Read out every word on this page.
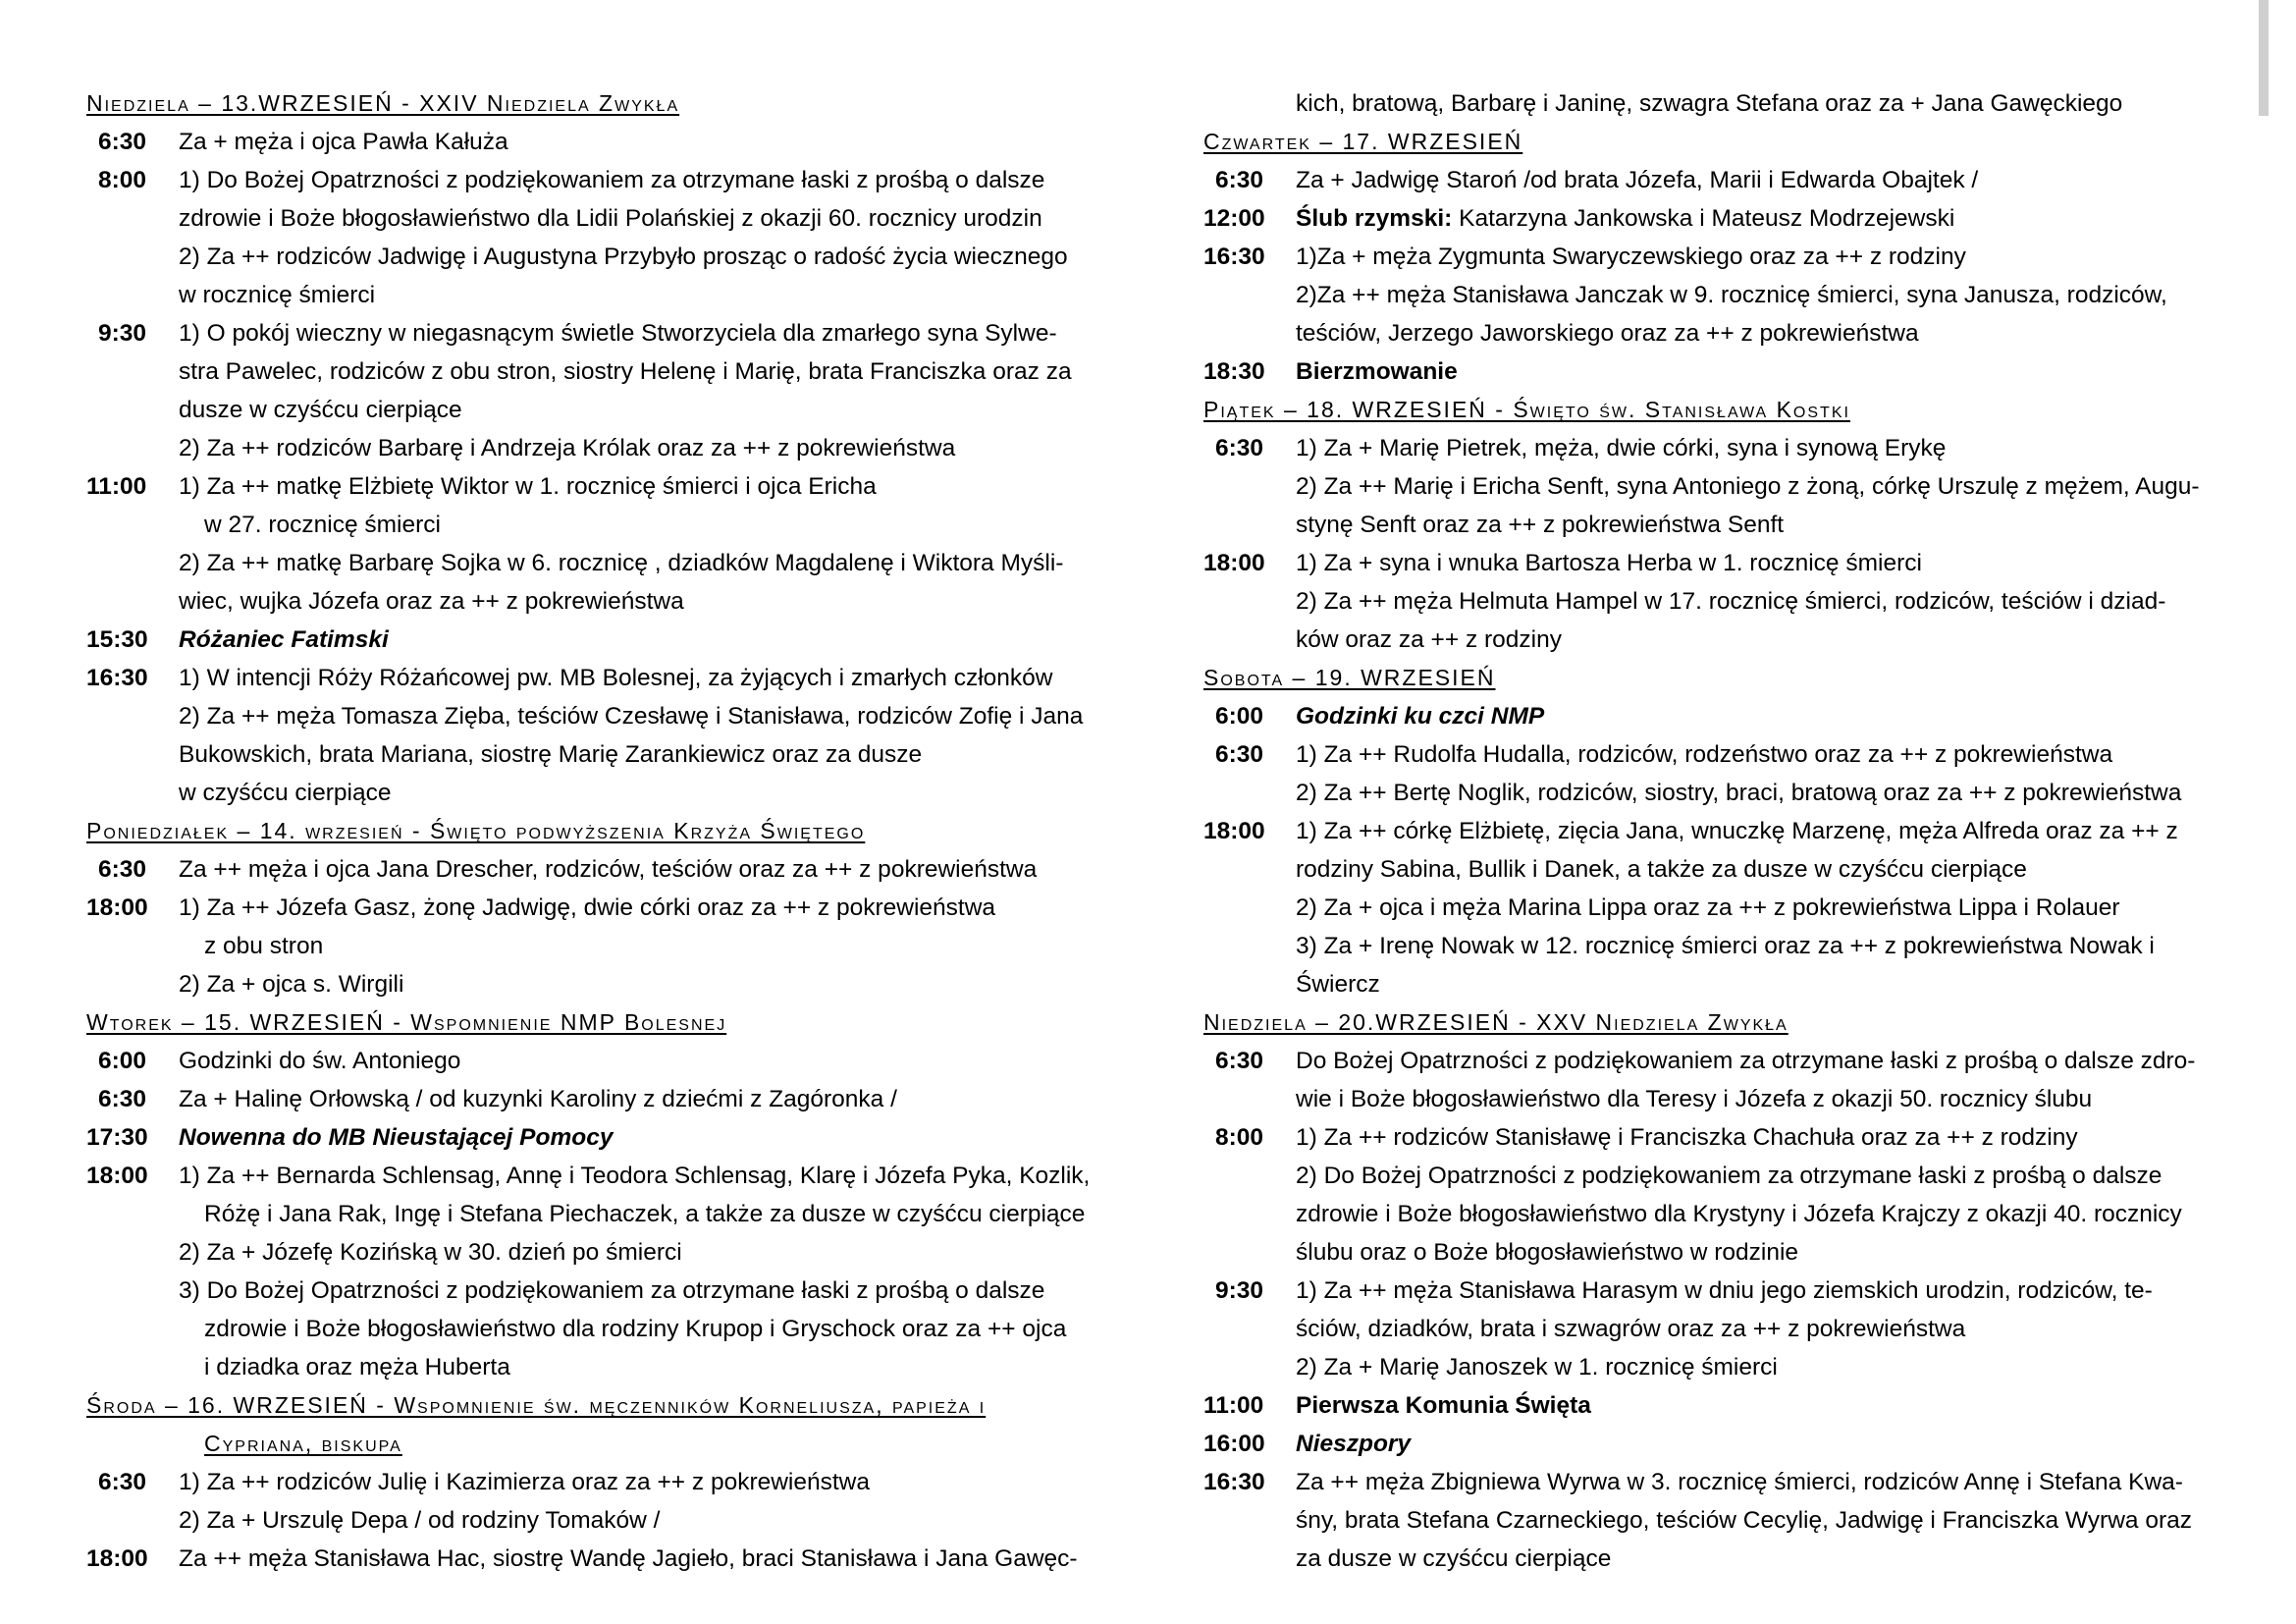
Niedziela – 13.WRZESIEŃ - XXIV Niedziela Zwykła
6:30 Za + męża i ojca Pawła Kałuża
8:00 1) Do Bożej Opatrzności z podziękowaniem za otrzymane łaski z prośbą o dalsze
zdrowie i Boże błogosławieństwo dla Lidii Polańskiej z okazji 60. rocznicy urodzin
2) Za ++ rodziców Jadwigę i Augustyna Przybyło prosząc o radość życia wiecznego
w rocznicę śmierci
9:30 1) O pokój wieczny w niegasnącym świetle Stworzyciela dla zmarłego syna Sylwe-
stra Pawelec, rodziców z obu stron, siostry Helenę i Marię, brata Franciszka oraz za
dusze w czyśćcu cierpiące
2) Za ++ rodziców Barbarę i Andrzeja Królak oraz za ++ z pokrewieństwa
11:00 1) Za ++ matkę Elżbietę Wiktor w 1. rocznicę śmierci i ojca Ericha
w 27. rocznicę śmierci
2) Za ++ matkę Barbarę Sojka w 6. rocznicę , dziadków Magdalenę i Wiktora Myśli-
wiec, wujka Józefa oraz za ++ z pokrewieństwa
15:30 Różaniec Fatimski
16:30 1) W intencji Róży Różańcowej pw. MB Bolesnej, za żyjących i zmarłych członków
2) Za ++ męża Tomasza Zięba, teściów Czesławę i Stanisława, rodziców Zofię i Jana
Bukowskich, brata Mariana, siostrę Marię Zarankiewicz oraz za dusze
w czyśćcu cierpiące
Poniedziałek – 14. wrzesień - Święto podwyższenia Krzyża Świętego
6:30 Za ++ męża i ojca Jana Drescher, rodziców, teściów oraz za ++ z pokrewieństwa
18:00 1) Za ++ Józefa Gasz, żonę Jadwigę, dwie córki oraz za ++ z pokrewieństwa
z obu stron
2) Za + ojca s. Wirgili
Wtorek – 15. WRZESIEŃ - Wspomnienie NMP Bolesnej
6:00 Godzinki do św. Antoniego
6:30 Za + Halinę Orłowską / od kuzynki Karoliny z dziećmi z Zagóronka /
17:30 Nowenna do MB Nieustającej Pomocy
18:00 1) Za ++ Bernarda Schlensag, Annę i Teodora Schlensag, Klarę i Józefa Pyka, Kozlik,
Różę i Jana Rak, Ingę i Stefana Piechaczek, a także za dusze w czyśćcu cierpiące
2) Za + Józefę Kozińską w 30. dzień po śmierci
3) Do Bożej Opatrzności z podziękowaniem za otrzymane łaski z prośbą o dalsze
zdrowie i Boże błogosławieństwo dla rodziny Krupop i Gryschock oraz za ++ ojca
i dziadka oraz męża Huberta
Środa – 16. WRZESIEŃ - Wspomnienie św. męczenników Korneliusza, papieża i
Cypriana, biskupa
6:30 1) Za ++ rodziców Julię i Kazimierza oraz za ++ z pokrewieństwa
2) Za + Urszulę Depa / od rodziny Tomaków /
18:00 Za ++ męża Stanisława Hac, siostrę Wandę Jagieło, braci Stanisława i Jana Gawęc-
kich, bratową, Barbarę i Janinę, szwagra Stefana oraz za + Jana Gawęckiego
Czwartek – 17. WRZESIEŃ
6:30 Za + Jadwigę Staroń /od brata Józefa, Marii i Edwarda Obajtek /
12:00 Ślub rzymski: Katarzyna Jankowska i Mateusz Modrzejewski
16:30 1)Za + męża Zygmunta Swaryczewskiego oraz za ++ z rodziny
2)Za ++ męża Stanisława Janczak w 9. rocznicę śmierci, syna Janusza, rodziców,
teściów, Jerzego Jaworskiego oraz za ++ z pokrewieństwa
18:30 Bierzmowanie
Piątek – 18. WRZESIEŃ - Święto św. Stanisława Kostki
6:30 1) Za + Marię Pietrek, męża, dwie córki, syna i synową Erykę
2) Za ++ Marię i Ericha Senft, syna Antoniego z żoną, córkę Urszulę z mężem, Augu-
stynę Senft oraz za ++ z pokrewieństwa Senft
18:00 1) Za + syna i wnuka Bartosza Herba w 1. rocznicę śmierci
2) Za ++ męża Helmuta Hampel w 17. rocznicę śmierci, rodziców, teściów i dziad-
ków oraz za ++ z rodziny
Sobota – 19. WRZESIEŃ
6:00 Godzinki ku czci NMP
6:30 1) Za ++ Rudolfa Hudalla, rodziców, rodzeństwo oraz za ++ z pokrewieństwa
2) Za ++ Bertę Noglik, rodziców, siostry, braci, bratową oraz za ++ z pokrewieństwa
18:00 1) Za ++ córkę Elżbietę, zięcia Jana, wnuczkę Marzenę, męża Alfreda oraz za ++ z
rodziny Sabina, Bullik i Danek, a także za dusze w czyśćcu cierpiące
2) Za + ojca i męża Marina Lippa oraz za ++ z pokrewieństwa Lippa i Rolauer
3) Za + Irenę Nowak w 12. rocznicę śmierci oraz za ++ z pokrewieństwa Nowak i
Świercz
Niedziela – 20.WRZESIEŃ - XXV Niedziela Zwykła
6:30 Do Bożej Opatrzności z podziękowaniem za otrzymane łaski z prośbą o dalsze zdro-
wie i Boże błogosławieństwo dla Teresy i Józefa z okazji 50. rocznicy ślubu
8:00 1) Za ++ rodziców Stanisławę i Franciszka Chachuła oraz za ++ z rodziny
2) Do Bożej Opatrzności z podziękowaniem za otrzymane łaski z prośbą o dalsze
zdrowie i Boże błogosławieństwo dla Krystyny i Józefa Krajczy z okazji 40. rocznicy
ślubu oraz o Boże błogosławieństwo w rodzinie
9:30 1) Za ++ męża Stanisława Harasym w dniu jego ziemskich urodzin, rodziców, te-
ściów, dziadków, brata i szwagrów oraz za ++ z pokrewieństwa
2) Za + Marię Janoszek w 1. rocznicę śmierci
11:00 Pierwsza Komunia Święta
16:00 Nieszpory
16:30 Za ++ męża Zbigniewa Wyrwa w 3. rocznicę śmierci, rodziców Annę i Stefana Kwa-
śny, brata Stefana Czarneckiego, teściów Cecylię, Jadwigę i Franciszka Wyrwa oraz
za dusze w czyśćcu cierpiące
